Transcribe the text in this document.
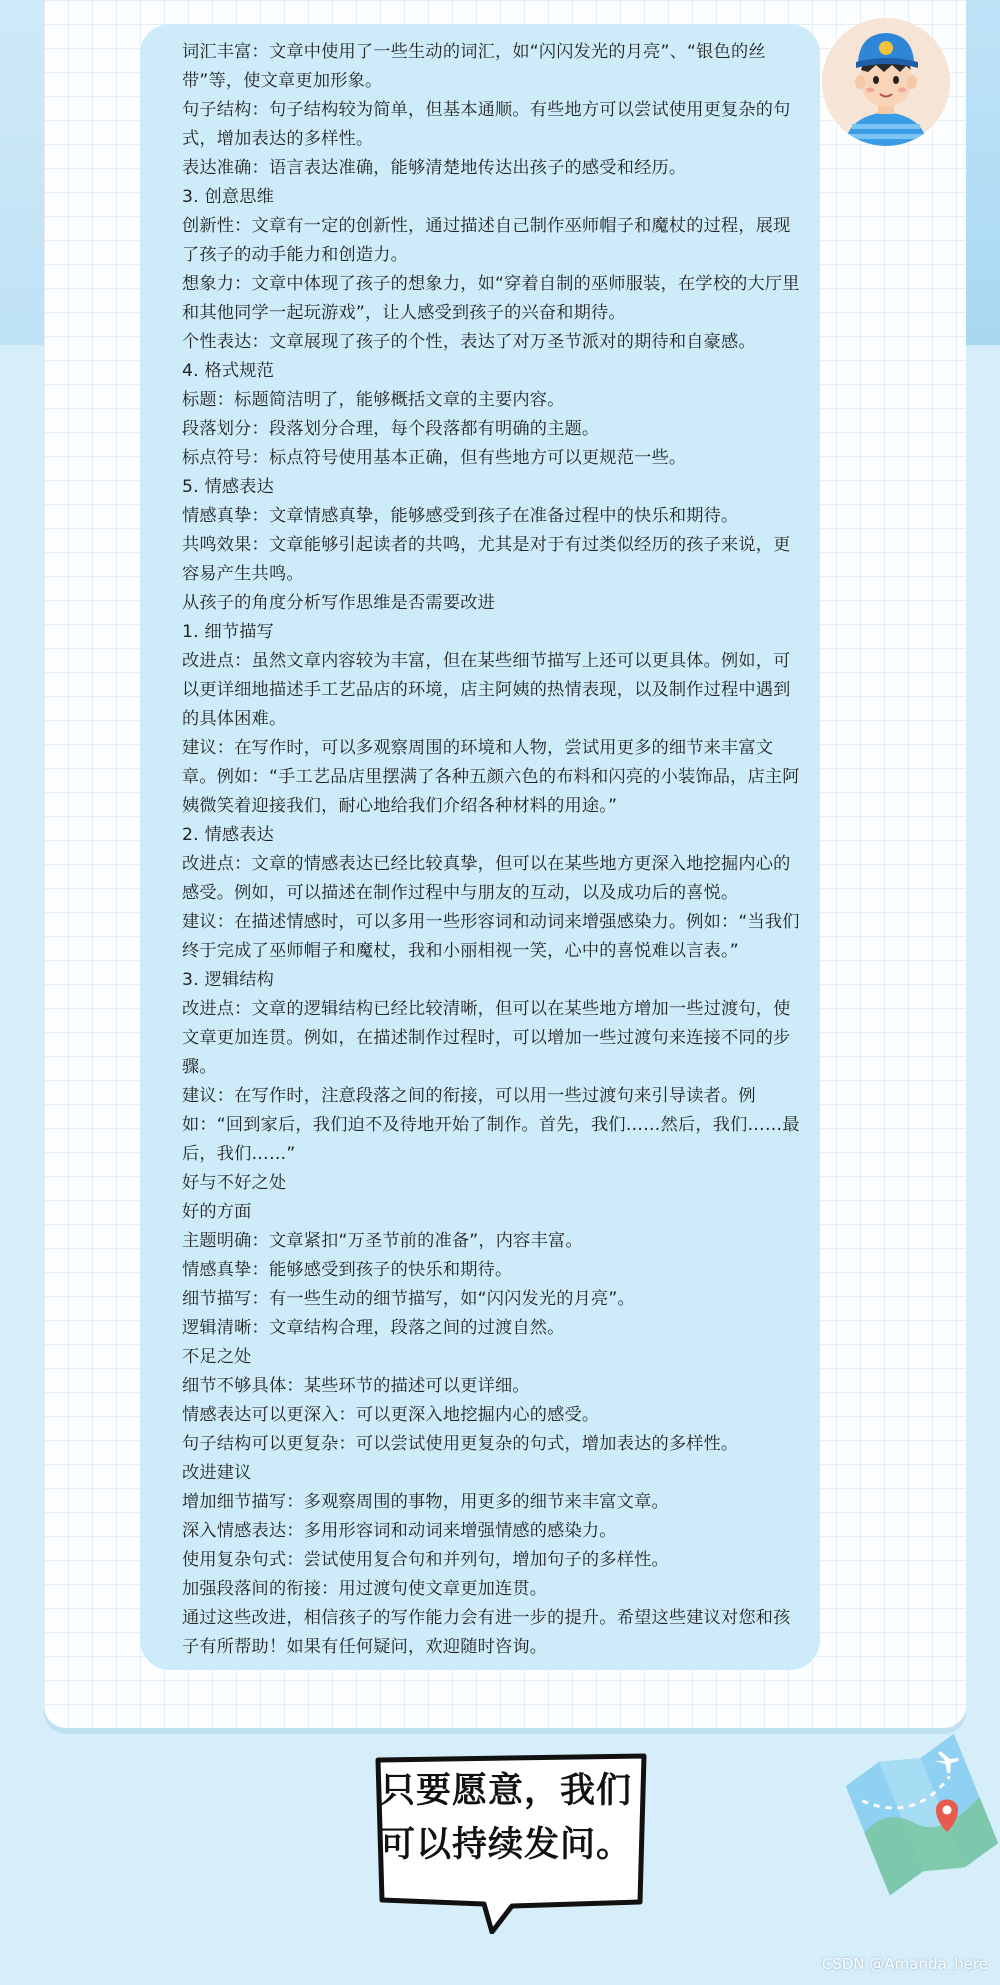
词汇丰富：文章中使用了一些生动的词汇，如“闪闪发光的月亮”、“银色的丝带”等，使文章更加形象。
句子结构：句子结构较为简单，但基本通顺。有些地方可以尝试使用更复杂的句式，增加表达的多样性。
表达准确：语言表达准确，能够清楚地传达出孩子的感受和经历。
3. 创意思维
创新性：文章有一定的创新性，通过描述自己制作巫师帽子和魔杖的过程，展现了孩子的动手能力和创造力。
想象力：文章中体现了孩子的想象力，如“穿着自制的巫师服装，在学校的大厅里和其他同学一起玩游戏”，让人感受到孩子的兴奋和期待。
个性表达：文章展现了孩子的个性，表达了对万圣节派对的期待和自豪感。
4. 格式规范
标题：标题简洁明了，能够概括文章的主要内容。
段落划分：段落划分合理，每个段落都有明确的主题。
标点符号：标点符号使用基本正确，但有些地方可以更规范一些。
5. 情感表达
情感真挚：文章情感真挚，能够感受到孩子在准备过程中的快乐和期待。
共鸣效果：文章能够引起读者的共鸣，尤其是对于有过类似经历的孩子来说，更容易产生共鸣。
从孩子的角度分析写作思维是否需要改进
1. 细节描写
改进点：虽然文章内容较为丰富，但在某些细节描写上还可以更具体。例如，可以更详细地描述手工艺品店的环境，店主阿姨的热情表现，以及制作过程中遇到的具体困难。
建议：在写作时，可以多观察周围的环境和人物，尝试用更多的细节来丰富文章。例如：“手工艺品店里摆满了各种五颜六色的布料和闪亮的小装饰品，店主阿姨微笑着迎接我们，耐心地给我们介绍各种材料的用途。”
2. 情感表达
改进点：文章的情感表达已经比较真挚，但可以在某些地方更深入地挖掘内心的感受。例如，可以描述在制作过程中与朋友的互动，以及成功后的喜悦。
建议：在描述情感时，可以多用一些形容词和动词来增强感染力。例如：“当我们终于完成了巫师帽子和魔杖，我和小丽相视一笑，心中的喜悦难以言表。”
3. 逻辑结构
改进点：文章的逻辑结构已经比较清晰，但可以在某些地方增加一些过渡句，使文章更加连贯。例如，在描述制作过程时，可以增加一些过渡句来连接不同的步骤。
建议：在写作时，注意段落之间的衔接，可以用一些过渡句来引导读者。例如：“回到家后，我们迫不及待地开始了制作。首先，我们……然后，我们……最后，我们……”
好与不好之处
好的方面
主题明确：文章紧扣“万圣节前的准备”，内容丰富。
情感真挚：能够感受到孩子的快乐和期待。
细节描写：有一些生动的细节描写，如“闪闪发光的月亮”。
逻辑清晰：文章结构合理，段落之间的过渡自然。
不足之处
细节不够具体：某些环节的描述可以更详细。
情感表达可以更深入：可以更深入地挖掘内心的感受。
句子结构可以更复杂：可以尝试使用更复杂的句式，增加表达的多样性。
改进建议
增加细节描写：多观察周围的事物，用更多的细节来丰富文章。
深入情感表达：多用形容词和动词来增强情感的感染力。
使用复杂句式：尝试使用复合句和并列句，增加句子的多样性。
加强段落间的衔接：用过渡句使文章更加连贯。
通过这些改进，相信孩子的写作能力会有进一步的提升。希望这些建议对您和孩子有所帮助！如果有任何疑问，欢迎随时咨询。
只要愿意，我们可以持续发问。
CSDN @Amanda_here
